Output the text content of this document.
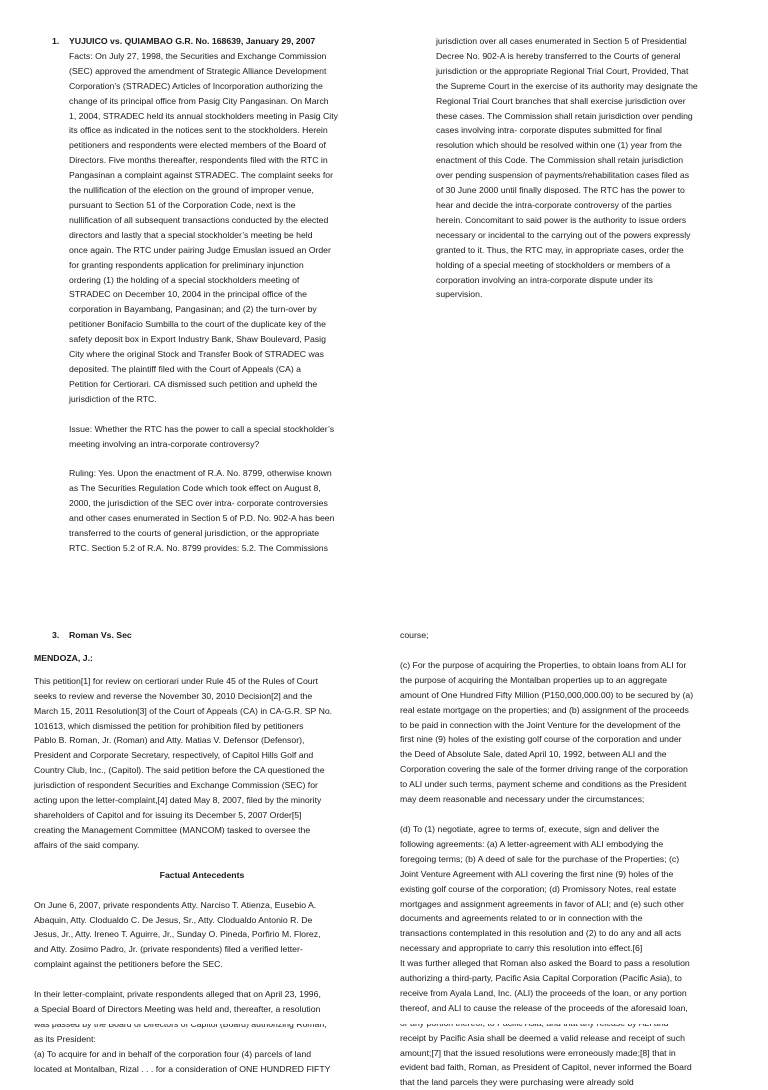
1. YUJUICO vs. QUIAMBAO G.R. No. 168639, January 29, 2007
Facts: On July 27, 1998, the Securities and Exchange Commission
(SEC) approved the amendment of Strategic Alliance Development
Corporation’s (STRADEC) Articles of Incorporation authorizing the
change of its principal office from Pasig City Pangasinan. On March
1, 2004, STRADEC held its annual stockholders meeting in Pasig City
its office as indicated in the notices sent to the stockholders. Herein
petitioners and respondents were elected members of the Board of
Directors. Five months thereafter, respondents filed with the RTC in
Pangasinan a complaint against STRADEC. The complaint seeks for
the nullification of the election on the ground of improper venue,
pursuant to Section 51 of the Corporation Code, next is the
nullification of all subsequent transactions conducted by the elected
directors and lastly that a special stockholder’s meeting be held
once again. The RTC under pairing Judge Emuslan issued an Order
for granting respondents application for preliminary injunction
ordering (1) the holding of a special stockholders meeting of
STRADEC on December 10, 2004 in the principal office of the
corporation in Bayambang, Pangasinan; and (2) the turn-over by
petitioner Bonifacio Sumbilla to the court of the duplicate key of the
safety deposit box in Export Industry Bank, Shaw Boulevard, Pasig
City where the original Stock and Transfer Book of STRADEC was
deposited. The plaintiff filed with the Court of Appeals (CA) a
Petition for Certiorari. CA dismissed such petition and upheld the
jurisdiction of the RTC.
Issue: Whether the RTC has the power to call a special stockholder’s
meeting involving an intra-corporate controversy?
Ruling: Yes. Upon the enactment of R.A. No. 8799, otherwise known
as The Securities Regulation Code which took effect on August 8,
2000, the jurisdiction of the SEC over intra- corporate controversies
and other cases enumerated in Section 5 of P.D. No. 902-A has been
transferred to the courts of general jurisdiction, or the appropriate
RTC. Section 5.2 of R.A. No. 8799 provides: 5.2. The Commissions
jurisdiction over all cases enumerated in Section 5 of Presidential
Decree No. 902-A is hereby transferred to the Courts of general
jurisdiction or the appropriate Regional Trial Court, Provided, That
the Supreme Court in the exercise of its authority may designate the
Regional Trial Court branches that shall exercise jurisdiction over
these cases. The Commission shall retain jurisdiction over pending
cases involving intra- corporate disputes submitted for final
resolution which should be resolved within one (1) year from the
enactment of this Code. The Commission shall retain jurisdiction
over pending suspension of payments/rehabilitation cases filed as
of 30 June 2000 until finally disposed. The RTC has the power to
hear and decide the intra-corporate controversy of the parties
herein. Concomitant to said power is the authority to issue orders
necessary or incidental to the carrying out of the powers expressly
granted to it. Thus, the RTC may, in appropriate cases, order the
holding of a special meeting of stockholders or members of a
corporation involving an intra-corporate dispute under its
supervision.
3. Roman Vs. Sec
MENDOZA, J.:
This petition[1] for review on certiorari under Rule 45 of the Rules of Court
seeks to review and reverse the November 30, 2010 Decision[2] and the
March 15, 2011 Resolution[3] of the Court of Appeals (CA) in CA-G.R. SP No.
101613, which dismissed the petition for prohibition filed by petitioners
Pablo B. Roman, Jr. (Roman) and Atty. Matias V. Defensor (Defensor),
President and Corporate Secretary, respectively, of Capitol Hills Golf and
Country Club, Inc., (Capitol). The said petition before the CA questioned the
jurisdiction of respondent Securities and Exchange Commission (SEC) for
acting upon the letter-complaint,[4] dated May 8, 2007, filed by the minority
shareholders of Capitol and for issuing its December 5, 2007 Order[5]
creating the Management Committee (MANCOM) tasked to oversee the
affairs of the said company.
Factual Antecedents
On June 6, 2007, private respondents Atty. Narciso T. Atienza, Eusebio A.
Abaquin, Atty. Clodualdo C. De Jesus, Sr., Atty. Clodualdo Antonio R. De
Jesus, Jr., Atty. Ireneo T. Aguirre, Jr., Sunday O. Pineda, Porfirio M. Florez,
and Atty. Zosimo Padro, Jr. (private respondents) filed a verified letter-
complaint against the petitioners before the SEC.
In their letter-complaint, private respondents alleged that on April 23, 1996,
a Special Board of Directors Meeting was held and, thereafter, a resolution

as its President:
(a) To acquire for and in behalf of the corporation four (4) parcels of land
located at Montalban, Rizal . . . for a consideration of ONE HUNDRED FIFTY
course;
(c) For the purpose of acquiring the Properties, to obtain loans from ALI for
the purpose of acquiring the Montalban properties up to an aggregate
amount of One Hundred Fifty Million (P150,000,000.00) to be secured by (a)
real estate mortgage on the properties; and (b) assignment of the proceeds
to be paid in connection with the Joint Venture for the development of the
first nine (9) holes of the existing golf course of the corporation and under
the Deed of Absolute Sale, dated April 10, 1992, between ALI and the
Corporation covering the sale of the former driving range of the corporation
to ALI under such terms, payment scheme and conditions as the President
may deem reasonable and necessary under the circumstances;
(d) To (1) negotiate, agree to terms of, execute, sign and deliver the
following agreements: (a) A letter-agreement with ALI embodying the
foregoing terms; (b) A deed of sale for the purchase of the Properties; (c)
Joint Venture Agreement with ALI covering the first nine (9) holes of the
existing golf course of the corporation; (d) Promissory Notes, real estate
mortgages and assignment agreements in favor of ALI; and (e) such other
documents and agreements related to or in connection with the
transactions contemplated in this resolution and (2) to do any and all acts
necessary and appropriate to carry this resolution into effect.[6]
It was further alleged that Roman also asked the Board to pass a resolution
authorizing a third-party, Pacific Asia Capital Corporation (Pacific Asia), to
receive from Ayala Land, Inc. (ALI) the proceeds of the loan, or any portion
thereof, and ALI to cause the release of the proceeds of the aforesaid loan,

receipt by Pacific Asia shall be deemed a valid release and receipt of such
amount;[7] that the issued resolutions were erroneously made;[8] that in
evident bad faith, Roman, as President of Capitol, never informed the Board
that the land parcels they were purchasing were already sold
